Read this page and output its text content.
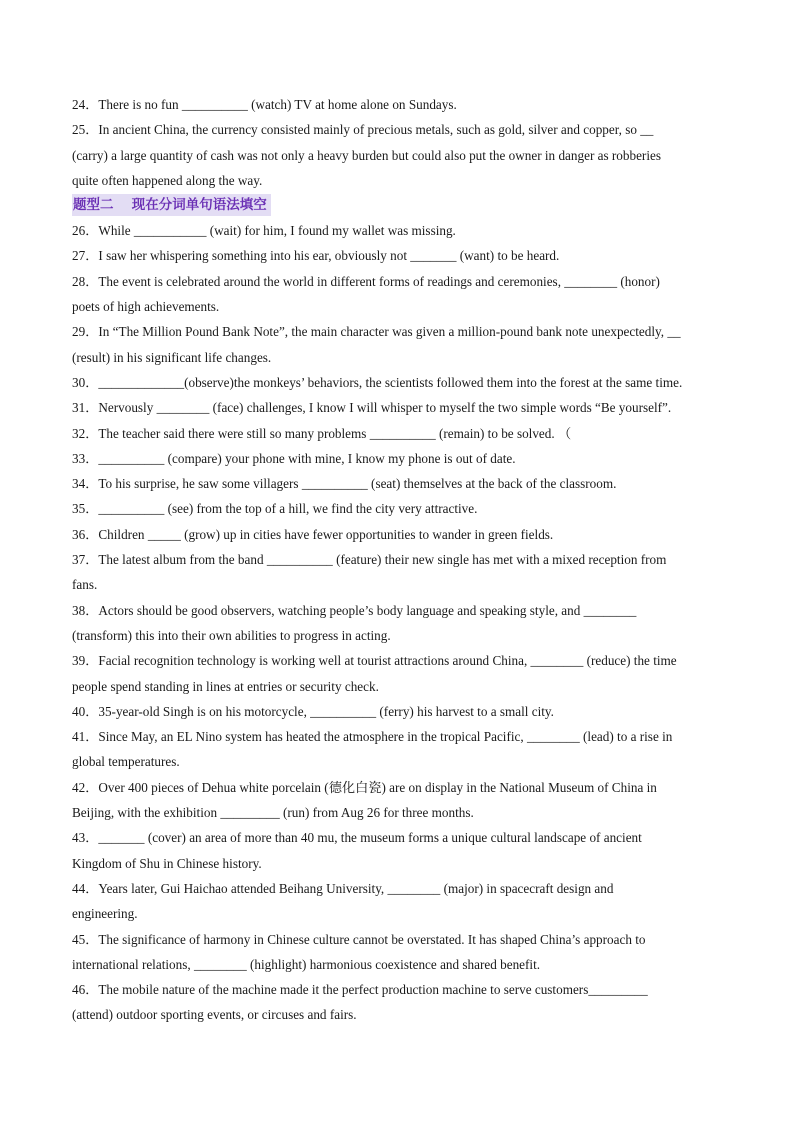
24．There is no fun __________ (watch) TV at home alone on Sundays.
25．In ancient China, the currency consisted mainly of precious metals, such as gold, silver and copper, so __
(carry) a large quantity of cash was not only a heavy burden but could also put the owner in danger as robberies
quite often happened along the way.
题型二　 现在分词单句语法填空
26．While ___________ (wait) for him, I found my wallet was missing.
27．I saw her whispering something into his ear, obviously not _______ (want) to be heard.
28．The event is celebrated around the world in different forms of readings and ceremonies, ________ (honor)
poets of high achievements.
29．In “The Million Pound Bank Note”, the main character was given a million-pound bank note unexpectedly, __
(result) in his significant life changes.
30．_____________(observe)the monkeys’ behaviors, the scientists followed them into the forest at the same time.
31．Nervously ________ (face) challenges, I know I will whisper to myself the two simple words “Be yourself”.
32．The teacher said there were still so many problems __________ (remain) to be solved. （
33．__________ (compare) your phone with mine, I know my phone is out of date.
34．To his surprise, he saw some villagers __________ (seat) themselves at the back of the classroom.
35．__________ (see) from the top of a hill, we find the city very attractive.
36．Children _____ (grow) up in cities have fewer opportunities to wander in green fields.
37．The latest album from the band __________ (feature) their new single has met with a mixed reception from
fans.
38．Actors should be good observers, watching people’s body language and speaking style, and ________
(transform) this into their own abilities to progress in acting.
39．Facial recognition technology is working well at tourist attractions around China, ________ (reduce) the time
people spend standing in lines at entries or security check.
40．35-year-old Singh is on his motorcycle, __________ (ferry) his harvest to a small city.
41．Since May, an EL Nino system has heated the atmosphere in the tropical Pacific, ________ (lead) to a rise in
global temperatures.
42．Over 400 pieces of Dehua white porcelain (德化白瓷) are on display in the National Museum of China in
Beijing, with the exhibition _________ (run) from Aug 26 for three months.
43．_______ (cover) an area of more than 40 mu, the museum forms a unique cultural landscape of ancient
Kingdom of Shu in Chinese history.
44．Years later, Gui Haichao attended Beihang University, ________ (major) in spacecraft design and
engineering.
45．The significance of harmony in Chinese culture cannot be overstated. It has shaped China’s approach to
international relations, ________ (highlight) harmonious coexistence and shared benefit.
46．The mobile nature of the machine made it the perfect production machine to serve customers_________
(attend) outdoor sporting events, or circuses and fairs.
